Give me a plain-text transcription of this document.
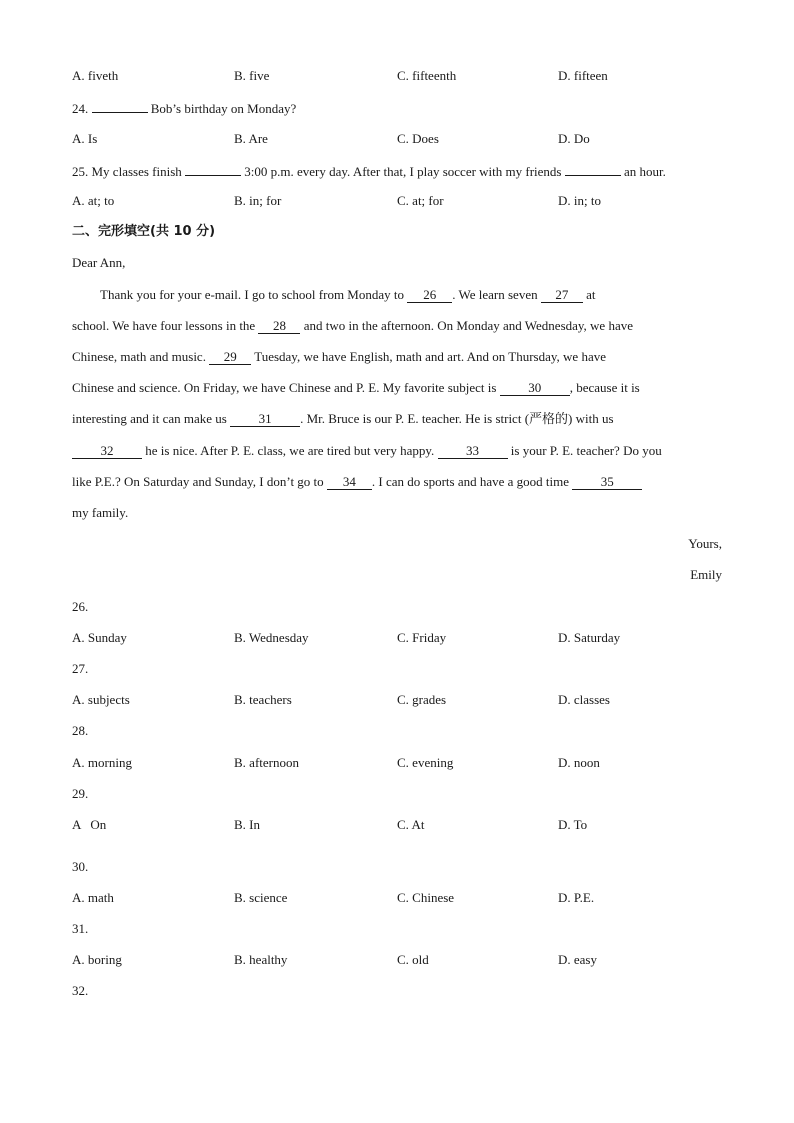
A. fiveth	B. five	C. fifteenth	D. fifteen
24.	Bob’s birthday on Monday?
A. Is	B. Are	C. Does	D. Do
25. My classes finish	3:00 p.m. every day. After that, I play soccer with my friends	an hour.
A. at; to	B. in; for	C. at; for	D. in; to
二、完形填空(共 10 分)
Dear Ann,
Thank you for your e-mail. I go to school from Monday to 26 . We learn seven 27 at
school. We have four lessons in the 28 and two in the afternoon. On Monday and Wednesday, we have
Chinese, math and music. 29 Tuesday, we have English, math and art. And on Thursday, we have
Chinese and science. On Friday, we have Chinese and P. E. My favorite subject is 30 , because it is
interesting and it can make us 31 . Mr. Bruce is our P. E. teacher. He is strict (严格的) with us
32 he is nice. After P. E. class, we are tired but very happy. 33 is your P. E. teacher? Do you
like P.E.? On Saturday and Sunday, I don’t go to 34 . I can do sports and have a good time 35
my family.
Yours,
Emily
26.
A. Sunday	B. Wednesday	C. Friday	D. Saturday
27.
A. subjects	B. teachers	C. grades	D. classes
28.
A. morning	B. afternoon	C. evening	D. noon
29.
A   On	B. In	C. At	D. To
30.
A. math	B. science	C. Chinese	D. P.E.
31.
A. boring	B. healthy	C. old	D. easy
32.
